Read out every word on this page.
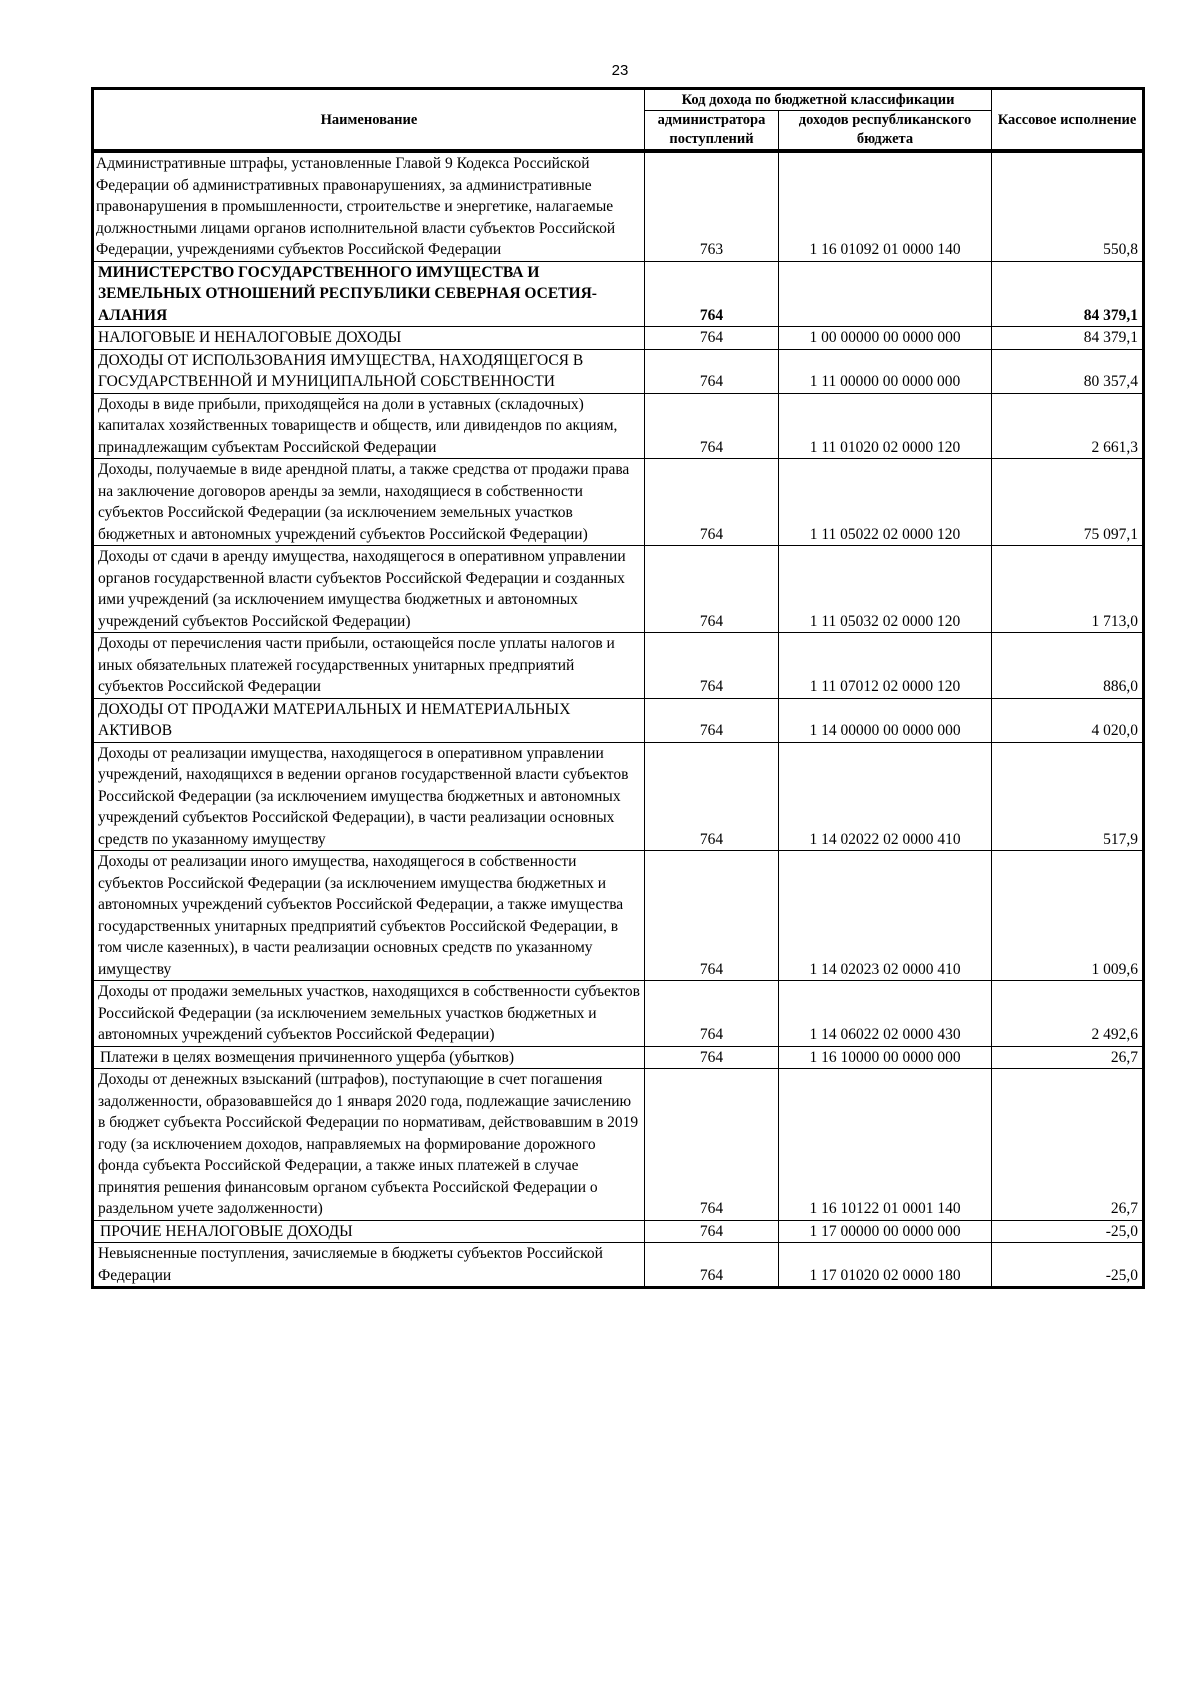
23
Наименование	Код дохода по бюджетной классификации		Кассовое исполнение
	администратора поступлений	доходов республиканского бюджета	
Административные штрафы, установленные Главой 9 Кодекса Российской Федерации об административных правонарушениях, за административные правонарушения в промышленности, строительстве и энергетике, налагаемые должностными лицами органов исполнительной власти субъектов Российской Федерации, учреждениями субъектов Российской Федерации	763	1 16 01092 01 0000 140	550,8
МИНИСТЕРСТВО ГОСУДАРСТВЕННОГО ИМУЩЕСТВА И ЗЕМЕЛЬНЫХ ОТНОШЕНИЙ РЕСПУБЛИКИ СЕВЕРНАЯ ОСЕТИЯ-АЛАНИЯ	764		84 379,1
НАЛОГОВЫЕ И НЕНАЛОГОВЫЕ ДОХОДЫ	764	1 00 00000 00 0000 000	84 379,1
ДОХОДЫ ОТ ИСПОЛЬЗОВАНИЯ ИМУЩЕСТВА, НАХОДЯЩЕГОСЯ В ГОСУДАРСТВЕННОЙ И МУНИЦИПАЛЬНОЙ СОБСТВЕННОСТИ	764	1 11 00000 00 0000 000	80 357,4
Доходы в виде прибыли, приходящейся на доли в уставных (складочных) капиталах хозяйственных товариществ и обществ, или дивидендов по акциям, принадлежащим субъектам Российской Федерации	764	1 11 01020 02 0000 120	2 661,3
Доходы, получаемые в виде арендной платы, а также средства от продажи права на заключение договоров аренды за земли, находящиеся в собственности субъектов Российской Федерации (за исключением земельных участков бюджетных и автономных учреждений субъектов Российской Федерации)	764	1 11 05022 02 0000 120	75 097,1
Доходы от сдачи в аренду имущества, находящегося в оперативном управлении органов государственной власти субъектов Российской Федерации и созданных ими учреждений (за исключением имущества бюджетных и автономных учреждений субъектов Российской Федерации)	764	1 11 05032 02 0000 120	1 713,0
Доходы от перечисления части прибыли, остающейся после уплаты налогов и иных обязательных платежей государственных унитарных предприятий субъектов Российской Федерации	764	1 11 07012 02 0000 120	886,0
ДОХОДЫ ОТ ПРОДАЖИ МАТЕРИАЛЬНЫХ И НЕМАТЕРИАЛЬНЫХ АКТИВОВ	764	1 14 00000 00 0000 000	4 020,0
Доходы от реализации имущества, находящегося в оперативном управлении учреждений, находящихся в ведении органов государственной власти субъектов Российской Федерации (за исключением имущества бюджетных и автономных учреждений субъектов Российской Федерации), в части реализации основных средств по указанному имуществу	764	1 14 02022 02 0000 410	517,9
Доходы от реализации иного имущества, находящегося в собственности субъектов Российской Федерации (за исключением имущества бюджетных и автономных учреждений субъектов Российской Федерации, а также имущества государственных унитарных предприятий субъектов Российской Федерации, в том числе казенных), в части реализации основных средств по указанному имуществу	764	1 14 02023 02 0000 410	1 009,6
Доходы от продажи земельных участков, находящихся в собственности субъектов Российской Федерации (за исключением земельных участков бюджетных и автономных учреждений субъектов Российской Федерации)	764	1 14 06022 02 0000 430	2 492,6
Платежи в целях возмещения причиненного ущерба (убытков)	764	1 16 10000 00 0000 000	26,7
Доходы от денежных взысканий (штрафов), поступающие в счет погашения задолженности, образовавшейся до 1 января 2020 года, подлежащие зачислению в бюджет субъекта Российской Федерации по нормативам, действовавшим в 2019 году (за исключением доходов, направляемых на формирование дорожного фонда субъекта Российской Федерации, а также иных платежей в случае принятия решения финансовым органом субъекта Российской Федерации о раздельном учете задолженности)	764	1 16 10122 01 0001 140	26,7
ПРОЧИЕ НЕНАЛОГОВЫЕ ДОХОДЫ	764	1 17 00000 00 0000 000	-25,0
Невыясненные поступления, зачисляемые в бюджеты субъектов Российской Федерации	764	1 17 01020 02 0000 180	-25,0
